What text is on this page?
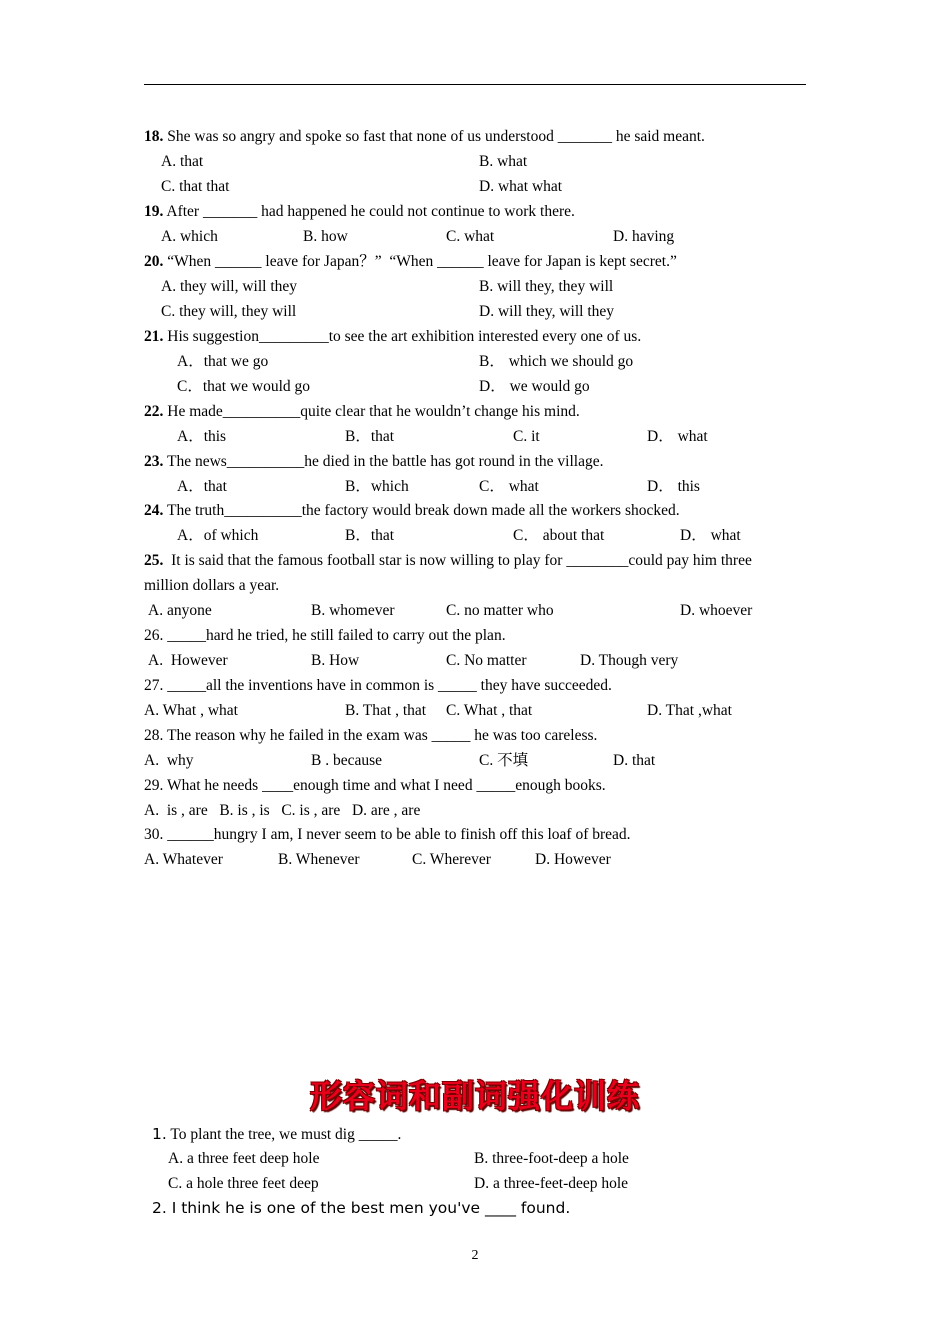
18. She was so angry and spoke so fast that none of us understood _______ he said meant.
A. that	B. what
C. that that	D. what what
19. After _______ had happened he could not continue to work there.
A. which	B. how	C. what	D. having
20. “When ______ leave for Japan？”  “When ______ leave for Japan is kept secret.”
A. they will, will they	B. will they, they will
C. they will, they will	D. will they, will they
21. His suggestion_________to see the art exhibition interested every one of us.
A．that we go	B． which we should go
C．that we would go	D． we would go
22. He made__________quite clear that he wouldn’t change his mind.
A．this	B．that	C. it	D． what
23. The news__________he died in the battle has got round in the village.
A．that	B．which	C． what	D． this
24. The truth__________the factory would break down made all the workers shocked.
A．of which	B．that	C． about that	D． what
25.  It is said that the famous football star is now willing to play for ________could pay him three
million dollars a year.
A. anyone	B. whomever	C. no matter who	D. whoever
26. _____hard he tried, he still failed to carry out the plan.
A.  However	B. How	C. No matter	D. Though very
27. _____all the inventions have in common is _____ they have succeeded.
A. What , what	B. That , that C. What , that	D. That ,what
28. The reason why he failed in the exam was _____ he was too careless.
A.  why	B . because	C. 不填	D. that
29. What he needs ____enough time and what I need _____enough books.
A.  is , are   B. is , is   C. is , are   D. are , are
30. ______hungry I am, I never seem to be able to finish off this loaf of bread.
A. Whatever	B. Whenever	C. Wherever	D. However
形容词和副词强化训练
1. To plant the tree, we must dig _____.
A. a three feet deep hole	B. three-foot-deep a hole
C. a hole three feet deep	D. a three-feet-deep hole
2. I think he is one of the best men you've ____ found.
2
